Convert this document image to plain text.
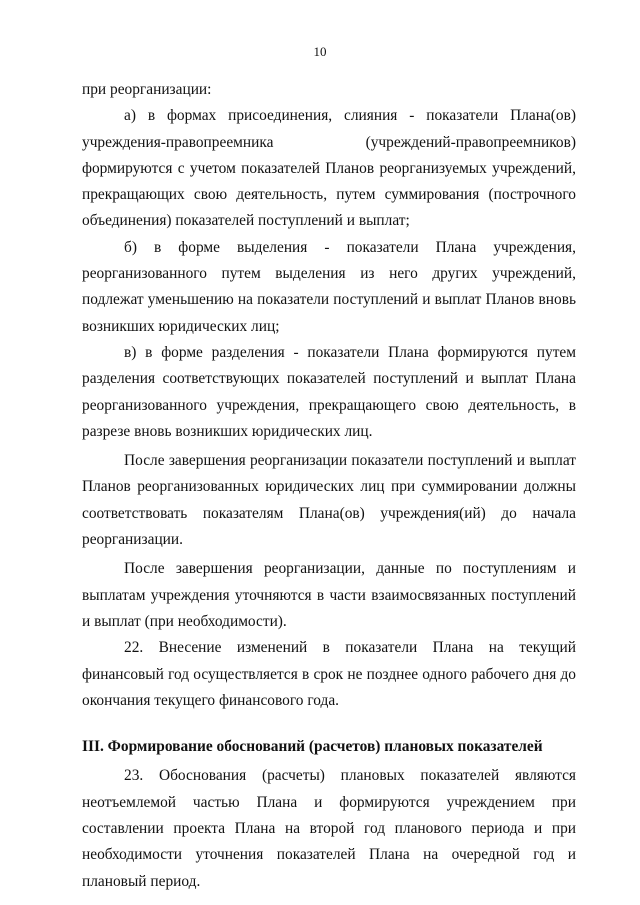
10

при реорганизации:

а) в формах присоединения, слияния - показатели Плана(ов) учреждения-правопреемника (учреждений-правопреемников) формируются с учетом показателей Планов реорганизуемых учреждений, прекращающих свою деятельность, путем суммирования (построчного объединения) показателей поступлений и выплат;

б) в форме выделения - показатели Плана учреждения, реорганизованного путем выделения из него других учреждений, подлежат уменьшению на показатели поступлений и выплат Планов вновь возникших юридических лиц;

в) в форме разделения - показатели Плана формируются путем разделения соответствующих показателей поступлений и выплат Плана реорганизованного учреждения, прекращающего свою деятельность, в разрезе вновь возникших юридических лиц.

После завершения реорганизации показатели поступлений и выплат Планов реорганизованных юридических лиц при суммировании должны соответствовать показателям Плана(ов) учреждения(ий) до начала реорганизации.

После завершения реорганизации, данные по поступлениям и выплатам учреждения уточняются в части взаимосвязанных поступлений и выплат (при необходимости).

22. Внесение изменений в показатели Плана на текущий финансовый год осуществляется в срок не позднее одного рабочего дня до окончания текущего финансового года.

III. Формирование обоснований (расчетов) плановых показателей

23. Обоснования (расчеты) плановых показателей являются неотъемлемой частью Плана и формируются учреждением при составлении проекта Плана на второй год планового периода и при необходимости уточнения показателей Плана на очередной год и плановый период.
